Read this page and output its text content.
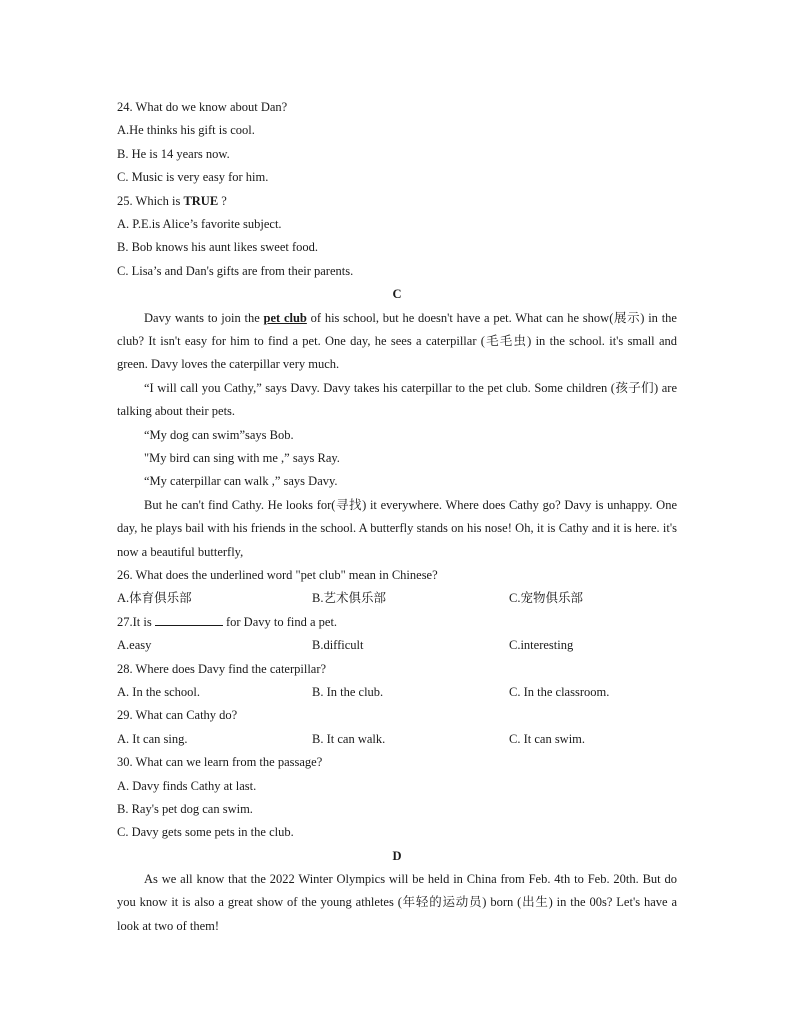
24. What do we know about Dan?
A.He thinks his gift is cool.
B. He is 14 years now.
C. Music is very easy for him.
25. Which is TRUE ?
A. P.E.is Alice’s favorite subject.
B. Bob knows his aunt likes sweet food.
C. Lisa’s and Dan's gifts are from their parents.
C

Davy wants to join the pet club of his school, but he doesn't have a pet. What can he show(展示) in the club? It isn't easy for him to find a pet. One day, he sees a caterpillar (毛毛虫) in the school. it's small and green. Davy loves the caterpillar very much.

“I will call you Cathy,” says Davy. Davy takes his caterpillar to the pet club. Some children (孩子们) are talking about their pets.

“My dog can swim”says Bob.

"My bird can sing with me ,” says Ray.

“My caterpillar can walk ,” says Davy.

But he can't find Cathy. He looks for(寻找) it everywhere. Where does Cathy go? Davy is unhappy. One day, he plays bail with his friends in the school. A butterfly stands on his nose! Oh, it is Cathy and it is here. it's now a beautiful butterfly,

26. What does the underlined word "pet club" mean in Chinese?
A.体育俱乐部	B.艺术俱乐部	C.宠物俱乐部
27.It is	for Davy to find a pet.
A.easy	B.difficult	C.interesting
28. Where does Davy find the caterpillar?
A. In the school.	B. In the club.	C. In the classroom.
29. What can Cathy do?
A. It can sing.	B. It can walk.	C. It can swim.
30. What can we learn from the passage?
A. Davy finds Cathy at last.
B. Ray's pet dog can swim.
C. Davy gets some pets in the club.
D

As we all know that the 2022 Winter Olympics will be held in China from Feb. 4th to Feb. 20th. But do you know it is also a great show of the young athletes (年轻的运动员) born (出生) in the 00s? Let's have a look at two of them!
